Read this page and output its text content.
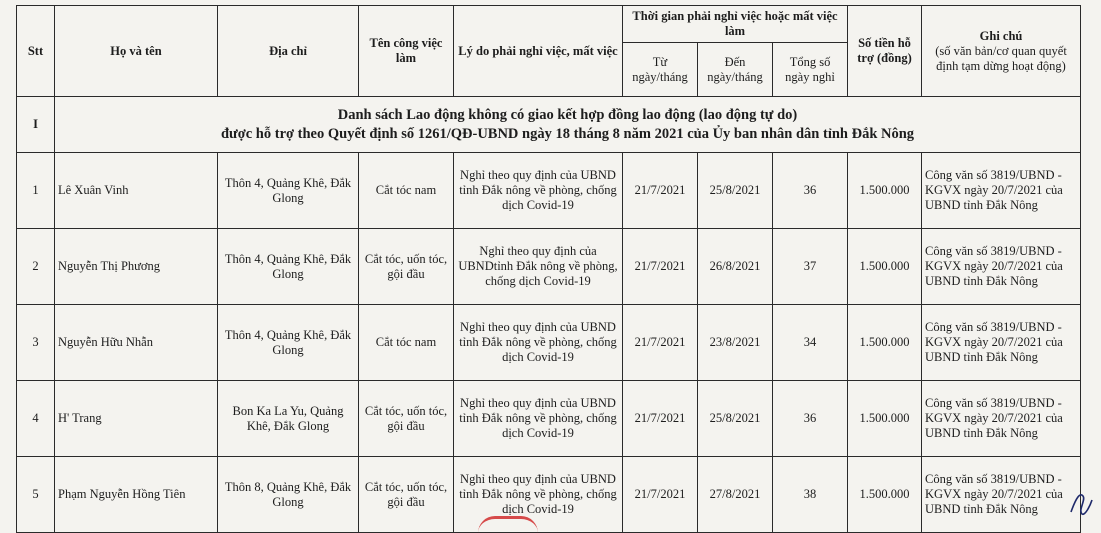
Stt	Họ và tên	Địa chỉ	Tên công việc làm	Lý do phải nghỉ việc, mất việc	Thời gian phải nghỉ việc hoặc mất việc làm			Số tiền hỗ trợ (đồng)	Ghi chú
(số văn bản/cơ quan quyết định tạm dừng hoạt động)

					Từ ngày/tháng	Đến ngày/tháng	Tổng số ngày nghỉ		
I	Danh sách Lao động không có giao kết hợp đồng lao động (lao động tự do)
được hỗ trợ theo Quyết định số 1261/QĐ-UBND ngày 18 tháng 8 năm 2021 của Ủy ban nhân dân tỉnh Đắk Nông								

1	Lê Xuân Vinh	Thôn 4, Quảng Khê, Đắk Glong	Cắt tóc nam	Nghỉ theo quy định của UBND tỉnh Đắk nông về phòng, chống dịch Covid-19	21/7/2021	25/8/2021	36	1.500.000	Công văn số 3819/UBND - KGVX ngày 20/7/2021 của UBND tỉnh Đắk Nông
2	Nguyễn Thị Phương	Thôn 4, Quảng Khê, Đắk Glong	Cắt tóc, uốn tóc, gội đầu	Nghỉ theo quy định của UBNDtỉnh Đắk nông về phòng, chống dịch Covid-19	21/7/2021	26/8/2021	37	1.500.000	Công văn số 3819/UBND - KGVX ngày 20/7/2021 của UBND tỉnh Đắk Nông
3	Nguyễn Hữu Nhẫn	Thôn 4, Quảng Khê, Đắk Glong	Cắt tóc nam	Nghỉ theo quy định của UBND tỉnh Đắk nông về phòng, chống dịch Covid-19	21/7/2021	23/8/2021	34	1.500.000	Công văn số 3819/UBND - KGVX ngày 20/7/2021 của UBND tỉnh Đắk Nông
4	H' Trang	Bon Ka La Yu, Quảng Khê, Đắk Glong	Cắt tóc, uốn tóc, gội đầu	Nghỉ theo quy định của UBND tỉnh Đắk nông về phòng, chống dịch Covid-19	21/7/2021	25/8/2021	36	1.500.000	Công văn số 3819/UBND - KGVX ngày 20/7/2021 của UBND tỉnh Đắk Nông
5	Phạm Nguyễn Hồng Tiên	Thôn 8, Quảng Khê, Đắk Glong	Cắt tóc, uốn tóc, gội đầu	Nghỉ theo quy định của UBND tỉnh Đắk nông về phòng, chống dịch Covid-19	21/7/2021	27/8/2021	38	1.500.000	Công văn số 3819/UBND - KGVX ngày 20/7/2021 của UBND tỉnh Đắk Nông
